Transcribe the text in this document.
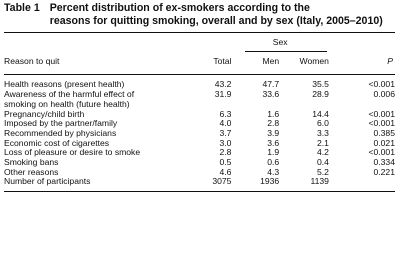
Table 1 Percent distribution of ex-smokers according to the
reasons for quitting smoking, overall and by sex (Italy, 2005–2010)
		Sex		

Reason to quit	Total	Men	Women	P
Health reasons (present health)	43.2	47.7	35.5	<0.001
Awareness of the harmful effect of
smoking on health (future health)	31.9	33.6	28.9	0.006
Pregnancy/child birth	6.3	1.6	14.4	<0.001
Imposed by the partner/family	4.0	2.8	6.0	<0.001
Recommended by physicians	3.7	3.9	3.3	0.385
Economic cost of cigarettes	3.0	3.6	2.1	0.021
Loss of pleasure or desire to smoke	2.8	1.9	4.2	<0.001
Smoking bans	0.5	0.6	0.4	0.334
Other reasons	4.6	4.3	5.2	0.221
Number of participants	3075	1936	1139	
